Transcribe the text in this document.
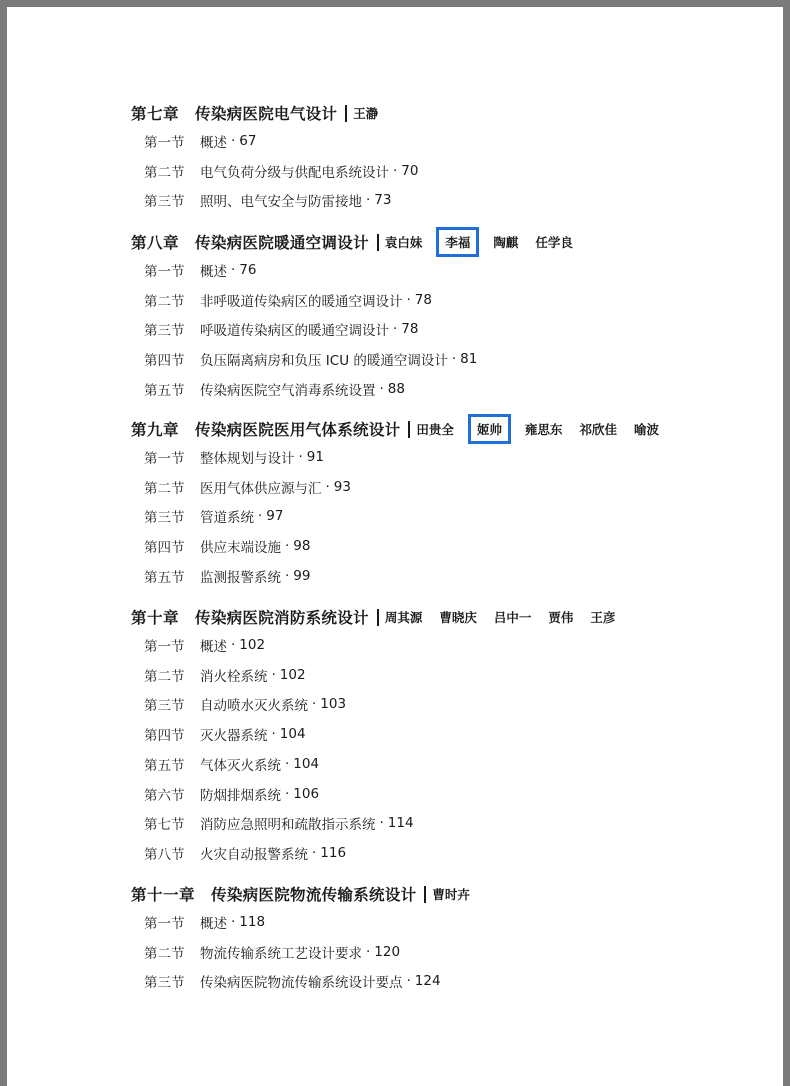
第七章 传染病医院电气设计 王瀞
第一节	概述 · 67
第二节	电气负荷分级与供配电系统设计 · 70
第三节	照明、电气安全与防雷接地 · 73
第八章 传染病医院暖通空调设计 袁白妹	李福	陶麒 任学良
第一节	概述 · 76
第二节	非呼吸道传染病区的暖通空调设计 · 78
第三节	呼吸道传染病区的暖通空调设计 · 78
第四节	负压隔离病房和负压 ICU 的暖通空调设计 · 81
第五节	传染病医院空气消毒系统设置 · 88
第九章 传染病医院医用气体系统设计 田贵全	姬帅	雍思东 祁欣佳 喻波
第一节	整体规划与设计 · 91
第二节	医用气体供应源与汇 · 93
第三节	管道系统 · 97
第四节	供应末端设施 · 98
第五节	监测报警系统 · 99
第十章 传染病医院消防系统设计 周其源 曹晓庆 吕中一 贾伟 王彦
第一节	概述 · 102
第二节	消火栓系统 · 102
第三节	自动喷水灭火系统 · 103
第四节	灭火器系统 · 104
第五节	气体灭火系统 · 104
第六节	防烟排烟系统 · 106
第七节	消防应急照明和疏散指示系统 · 114
第八节	火灾自动报警系统 · 116
第十一章 传染病医院物流传输系统设计 曹时卉
第一节	概述 · 118
第二节	物流传输系统工艺设计要求 · 120
第三节	传染病医院物流传输系统设计要点 · 124
